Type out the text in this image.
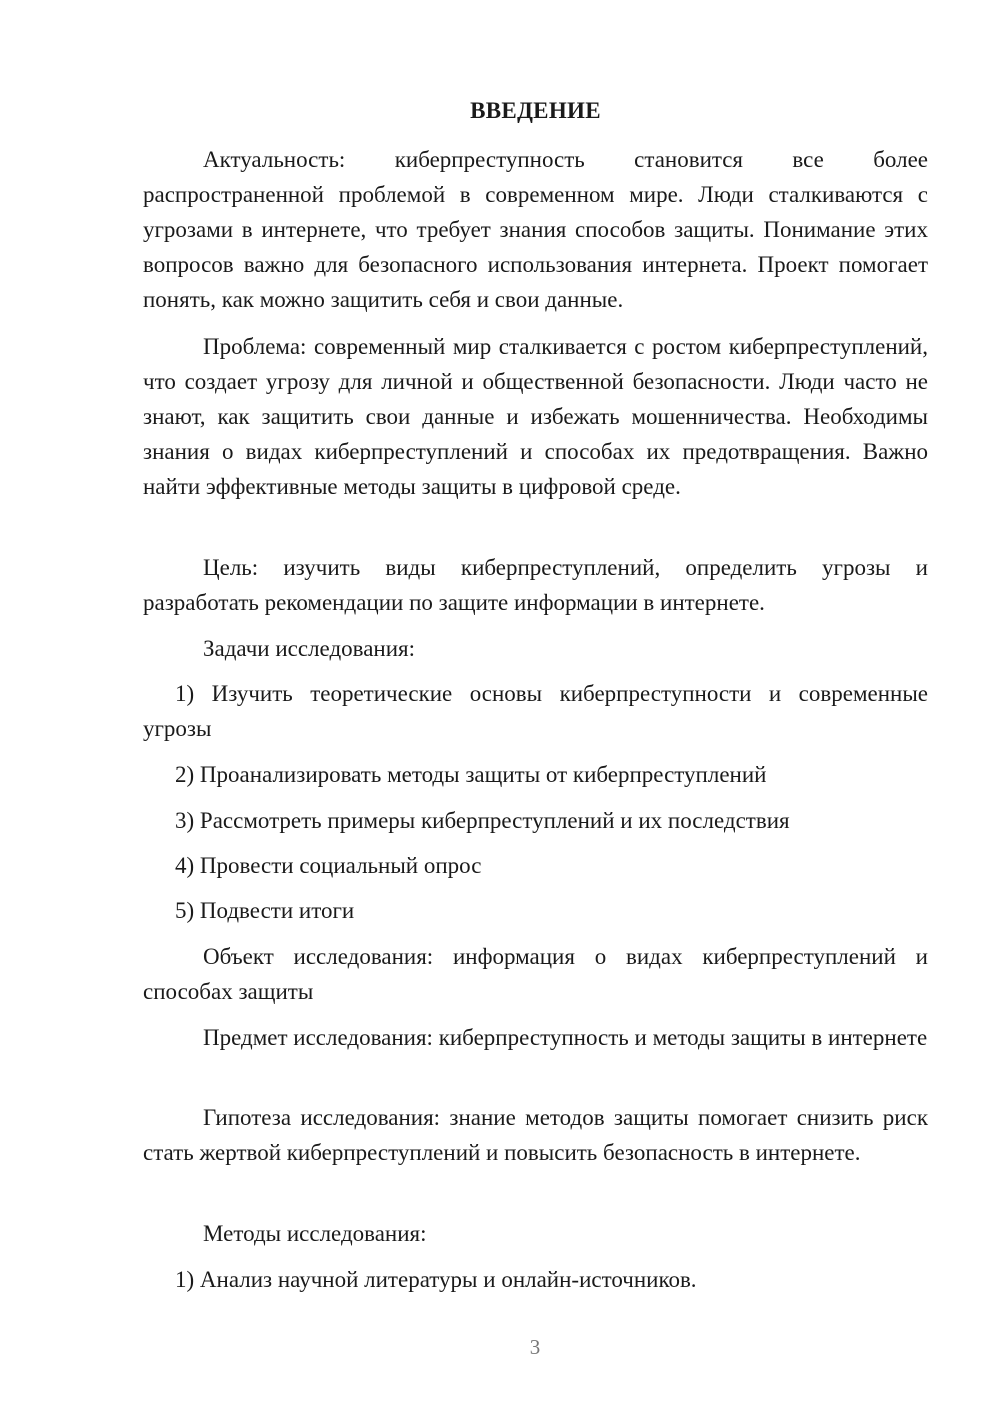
ВВЕДЕНИЕ

Актуальность: киберпреступность становится все более распространенной проблемой в современном мире. Люди сталкиваются с угрозами в интернете, что требует знания способов защиты. Понимание этих вопросов важно для безопасного использования интернета. Проект помогает понять, как можно защитить себя и свои данные.

Проблема: современный мир сталкивается с ростом киберпреступлений, что создает угрозу для личной и общественной безопасности. Люди часто не знают, как защитить свои данные и избежать мошенничества. Необходимы знания о видах киберпреступлений и способах их предотвращения. Важно найти эффективные методы защиты в цифровой среде.

Цель: изучить виды киберпреступлений, определить угрозы и разработать рекомендации по защите информации в интернете.

Задачи исследования:

1) Изучить теоретические основы киберпреступности и современные угрозы

2) Проанализировать методы защиты от киберпреступлений

3) Рассмотреть примеры киберпреступлений и их последствия

4) Провести социальный опрос

5) Подвести итоги

Объект исследования: информация о видах киберпреступлений и способах защиты

Предмет исследования: киберпреступность и методы защиты в интернете

Гипотеза исследования: знание методов защиты помогает снизить риск стать жертвой киберпреступлений и повысить безопасность в интернете.

Методы исследования:

1) Анализ научной литературы и онлайн-источников.

3
